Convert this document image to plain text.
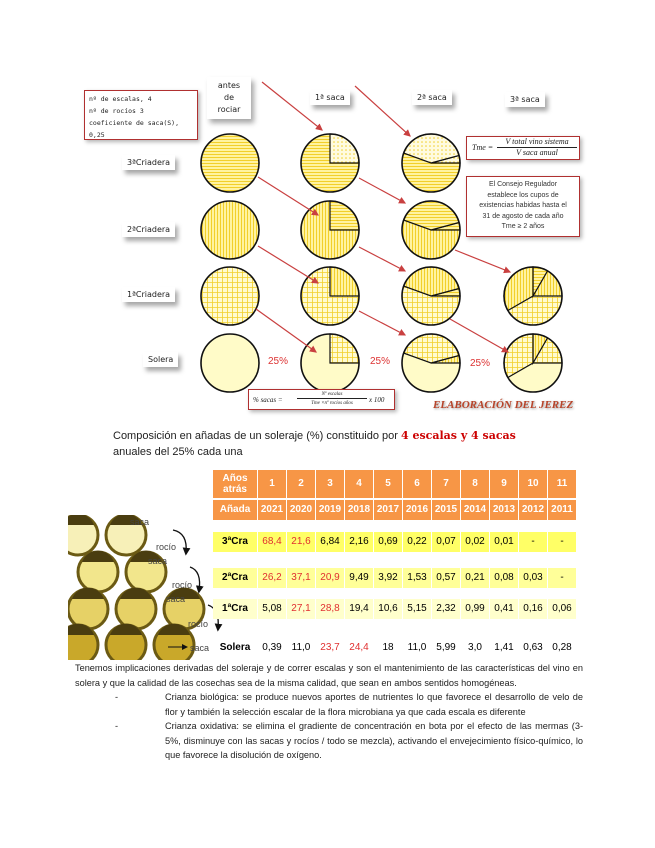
nº de escalas, 4
nº de rocíos 3
coeficiente de saca(S), 0,25
antes de rociar
1ª saca	2ª saca	3ª saca
3ªCriadera
2ªCriadera
1ªCriadera
Solera	25%	25%	25%
Tme =
V total vino sistema
V saca anual
El Consejo Regulador
establece los cupos de
existencias habidas hasta el
31 de agosto de cada año
Tme ≥ 2 años
% sacas =
Nº escalas
Tme ×nº rocíos años	x 100	ELABORACIÓN DEL JEREZ
Composición en añadas de un soleraje (%) constituido por 4 escalas y 4 sacas
anuales del 25% cada una
saca
rocío
saca
rocío
saca
rocío
saca
Años atrás	1	2	3	4	5	6	7	8	9	10	11
Añada	2021	2020	2019	2018	2017	2016	2015	2014	2013	2012	2011

3ªCra	68,4	21,6	6,84	2,16	0,69	0,22	0,07	0,02	0,01	-	-

2ªCra	26,2	37,1	20,9	9,49	3,92	1,53	0,57	0,21	0,08	0,03	-

1ªCra	5,08	27,1	28,8	19,4	10,6	5,15	2,32	0,99	0,41	0,16	0,06

Solera	0,39	11,0	23,7	24,4	18	11,0	5,99	3,0	1,41	0,63	0,28

Tenemos implicaciones derivadas del soleraje y de correr escalas y son el mantenimiento de las características del vino en solera y que la calidad de las cosechas sea de la misma calidad, que sean en ambos sentidos homogéneas.

-	Crianza biológica: se produce nuevos aportes de nutrientes lo que favorece el desarrollo de velo de flor y también la selección escalar de la flora microbiana ya que cada escala es diferente
-	Crianza oxidativa: se elimina el gradiente de concentración en bota por el efecto de las mermas (3-5%, disminuye con las sacas y rocíos / todo se mezcla), activando el envejecimiento físico-químico, lo que favorece la disolución de oxígeno.
